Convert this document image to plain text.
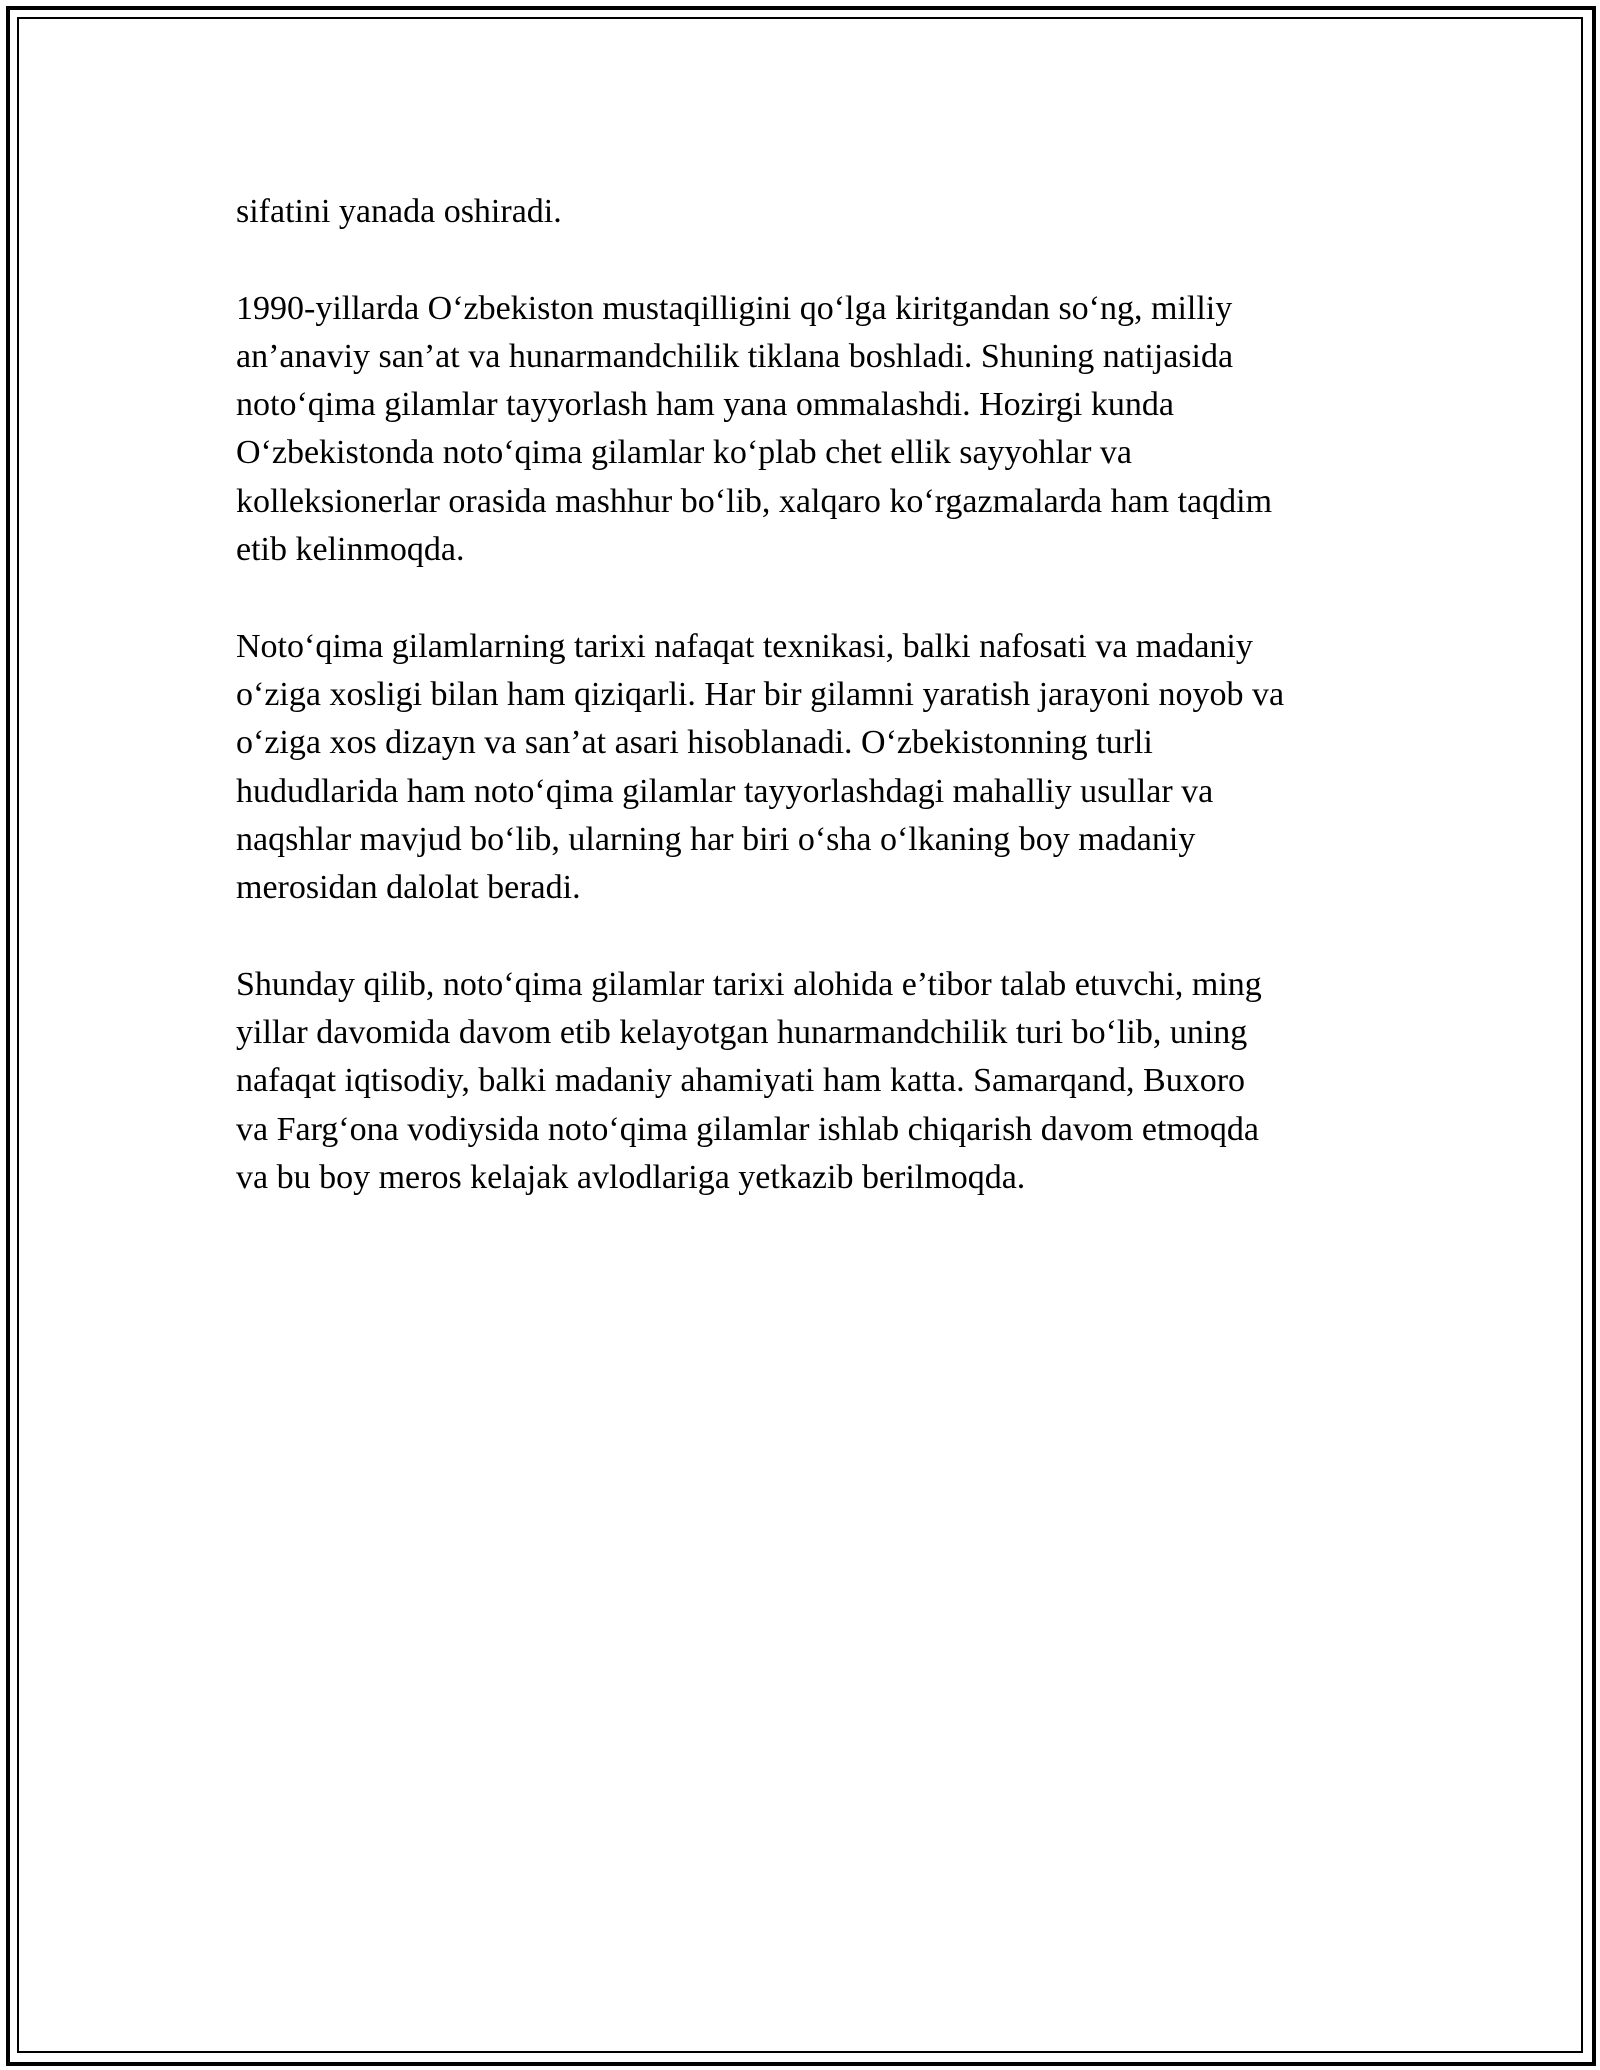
sifatini yanada oshiradi.

1990-yillarda O‘zbekiston mustaqilligini qo‘lga kiritgandan so‘ng, milliy
an’anaviy san’at va hunarmandchilik tiklana boshladi. Shuning natijasida
noto‘qima gilamlar tayyorlash ham yana ommalashdi. Hozirgi kunda
O‘zbekistonda noto‘qima gilamlar ko‘plab chet ellik sayyohlar va
kolleksionerlar orasida mashhur bo‘lib, xalqaro ko‘rgazmalarda ham taqdim
etib kelinmoqda.

Noto‘qima gilamlarning tarixi nafaqat texnikasi, balki nafosati va madaniy
o‘ziga xosligi bilan ham qiziqarli. Har bir gilamni yaratish jarayoni noyob va
o‘ziga xos dizayn va san’at asari hisoblanadi. O‘zbekistonning turli
hududlarida ham noto‘qima gilamlar tayyorlashdagi mahalliy usullar va
naqshlar mavjud bo‘lib, ularning har biri o‘sha o‘lkaning boy madaniy
merosidan dalolat beradi.

Shunday qilib, noto‘qima gilamlar tarixi alohida e’tibor talab etuvchi, ming
yillar davomida davom etib kelayotgan hunarmandchilik turi bo‘lib, uning
nafaqat iqtisodiy, balki madaniy ahamiyati ham katta. Samarqand, Buxoro
va Farg‘ona vodiysida noto‘qima gilamlar ishlab chiqarish davom etmoqda
va bu boy meros kelajak avlodlariga yetkazib berilmoqda.
